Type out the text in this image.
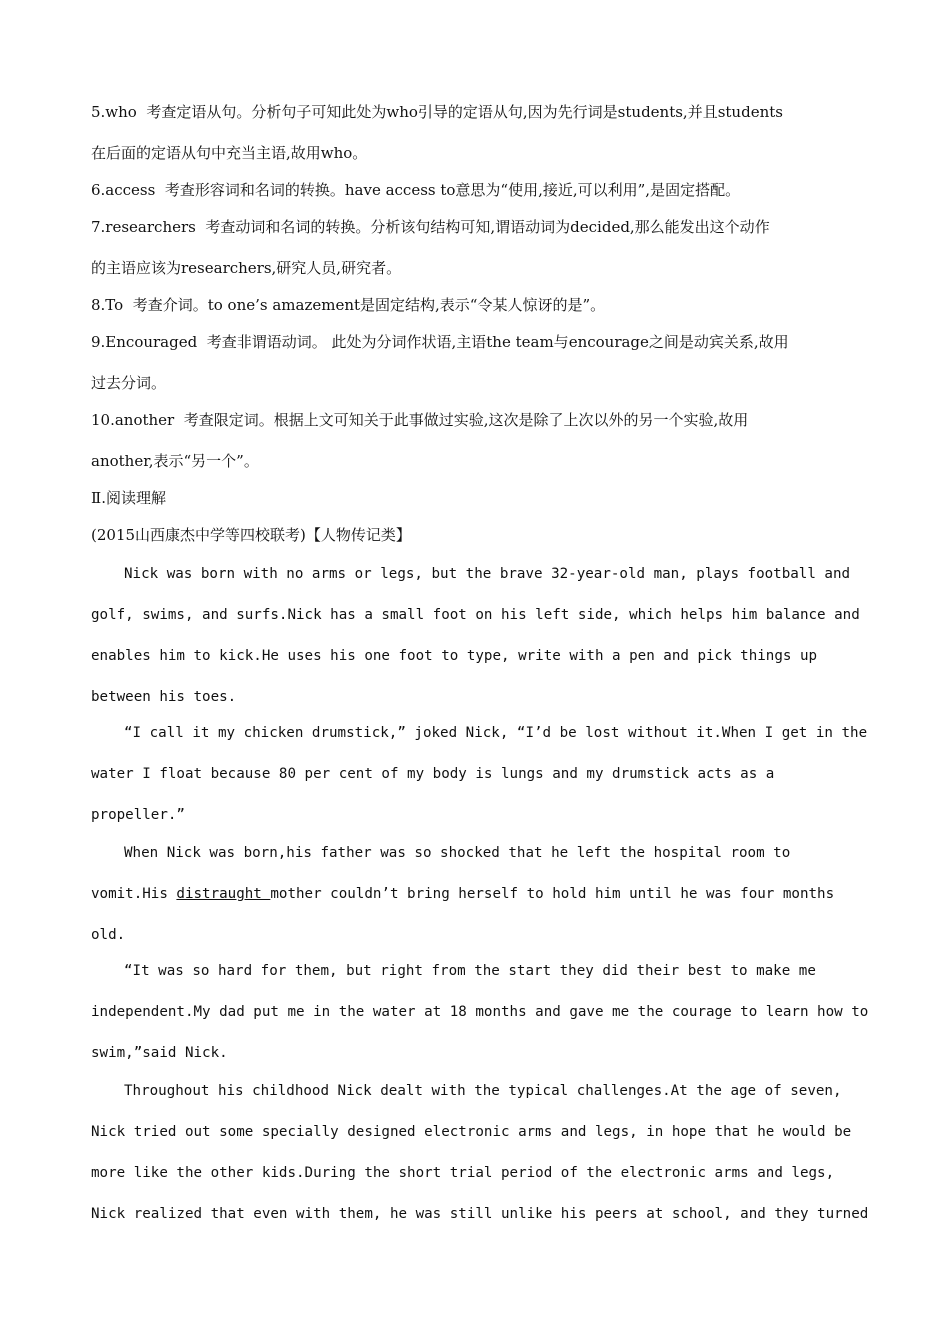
5.who  考查定语从句。分析句子可知此处为who引导的定语从句,因为先行词是students,并且students
在后面的定语从句中充当主语,故用who。
6.access  考查形容词和名词的转换。have access to意思为“使用,接近,可以利用”,是固定搭配。
7.researchers  考查动词和名词的转换。分析该句结构可知,谓语动词为decided,那么能发出这个动作
的主语应该为researchers,研究人员,研究者。
8.To  考查介词。to one’s amazement是固定结构,表示“令某人惊讶的是”。
9.Encouraged  考查非谓语动词。 此处为分词作状语,主语the team与encourage之间是动宾关系,故用
过去分词。
10.another  考查限定词。根据上文可知关于此事做过实验,这次是除了上次以外的另一个实验,故用
another,表示“另一个”。
Ⅱ.阅读理解
(2015山西康杰中学等四校联考)【人物传记类】
Nick was born with no arms or legs, but the brave 32-year-old man, plays football and
golf, swims, and surfs.Nick has a small foot on his left side, which helps him balance and
enables him to kick.He uses his one foot to type, write with a pen and pick things up
between his toes.
“I call it my chicken drumstick,” joked Nick, “I’d be lost without it.When I get in the
water I float because 80 per cent of my body is lungs and my drumstick acts as a
propeller.”
When Nick was born,his father was so shocked that he left the hospital room to
vomit.His distraught mother couldn’t bring herself to hold him until he was four months
old.
“It was so hard for them, but right from the start they did their best to make me
independent.My dad put me in the water at 18 months and gave me the courage to learn how to
swim,”said Nick.
Throughout his childhood Nick dealt with the typical challenges.At the age of seven,
Nick tried out some specially designed electronic arms and legs, in hope that he would be
more like the other kids.During the short trial period of the electronic arms and legs,
Nick realized that even with them, he was still unlike his peers at school, and they turned
